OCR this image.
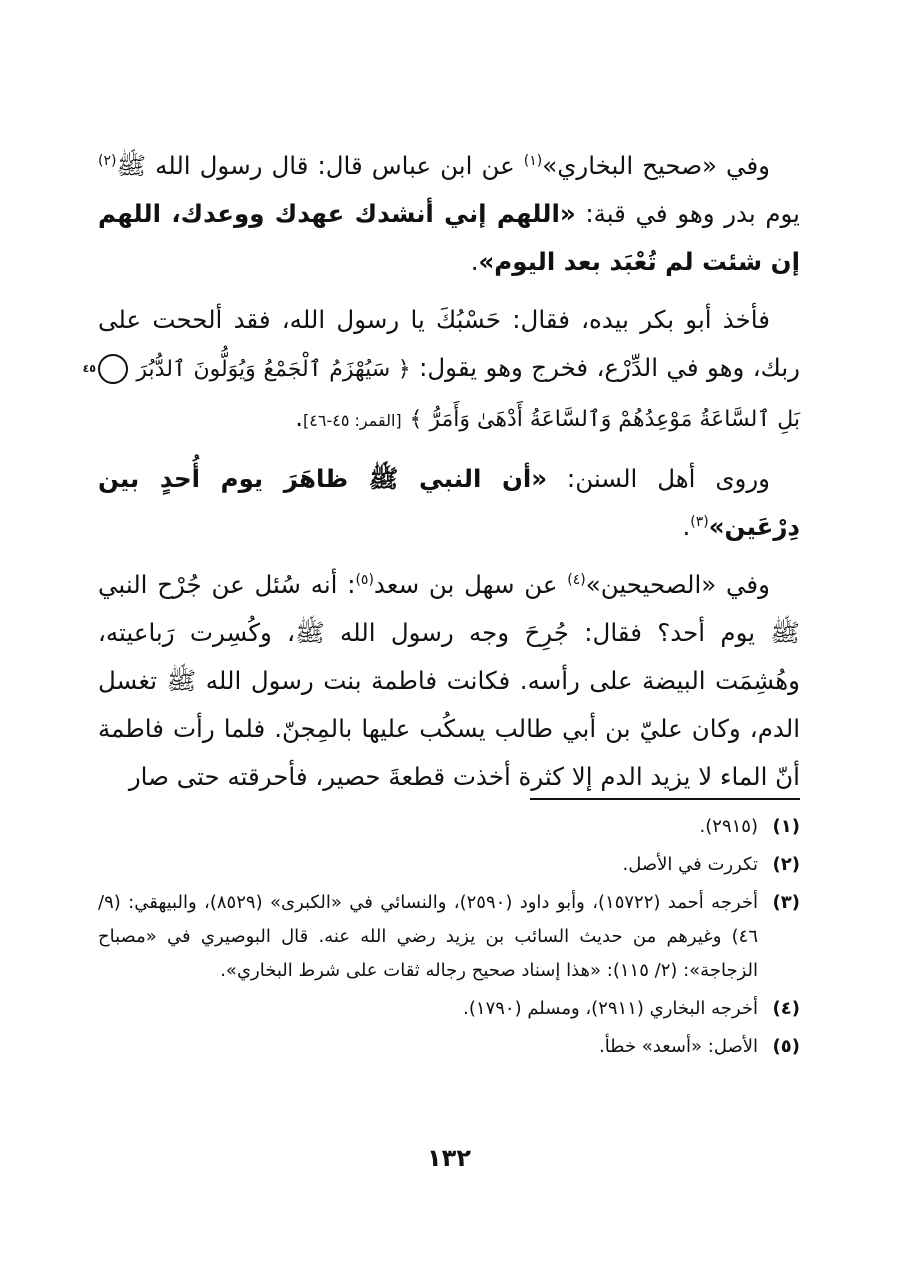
وفي «صحيح البخاري»$^{(١)}$ عن ابن عباس قال: قال رسول الله ﷺ$^{(٢)}$ يوم بدر وهو في قبة: «اللهم إني أنشدك عهدك ووعدك، اللهم إن شئت لم تُعْبَد بعد اليوم».

فأخذ أبو بكر بيده، فقال: حَسْبُكَ يا رسول الله، فقد ألححت على ربك، وهو في الدِّرْع، فخرج وهو يقول: ﴿ سَيُهْزَمُ ٱلْجَمْعُ وَيُوَلُّونَ ٱلدُّبُرَ ٤٥ بَلِ ٱلسَّاعَةُ مَوْعِدُهُمْ وَٱلسَّاعَةُ أَدْهَىٰ وَأَمَرُّ ﴾ [القمر: ٤٥-٤٦].

وروى أهل السنن: «أن النبي ﷺ ظاهَرَ يوم أُحدٍ بين دِرْعَين»$^{(٣)}$.

وفي «الصحيحين»$^{(٤)}$ عن سهل بن سعد$^{(٥)}$: أنه سُئل عن جُرْح النبي ﷺ يوم أحد؟ فقال: جُرِحَ وجه رسول الله ﷺ، وكُسِرت رَباعيته، وهُشِمَت البيضة على رأسه. فكانت فاطمة بنت رسول الله ﷺ تغسل الدم، وكان عليّ بن أبي طالب يسكُب عليها بالمِجنّ. فلما رأت فاطمة أنّ الماء لا يزيد الدم إلا كثرة أخذت قطعةَ حصير، فأحرقته حتى صار

(١)
(٢٩١٥).
(٢)
تكررت في الأصل.
(٣)
أخرجه أحمد (١٥٧٢٢)، وأبو داود (٢٥٩٠)، والنسائي في «الكبرى» (٨٥٢٩)، والبيهقي: (٩/ ٤٦) وغيرهم من حديث السائب بن يزيد رضي الله عنه. قال البوصيري في «مصباح الزجاجة»: (٢/ ١١٥): «هذا إسناد صحيح رجاله ثقات على شرط البخاري».
(٤)
أخرجه البخاري (٢٩١١)، ومسلم (١٧٩٠).
(٥)
الأصل: «أسعد» خطأ.
١٣٢
